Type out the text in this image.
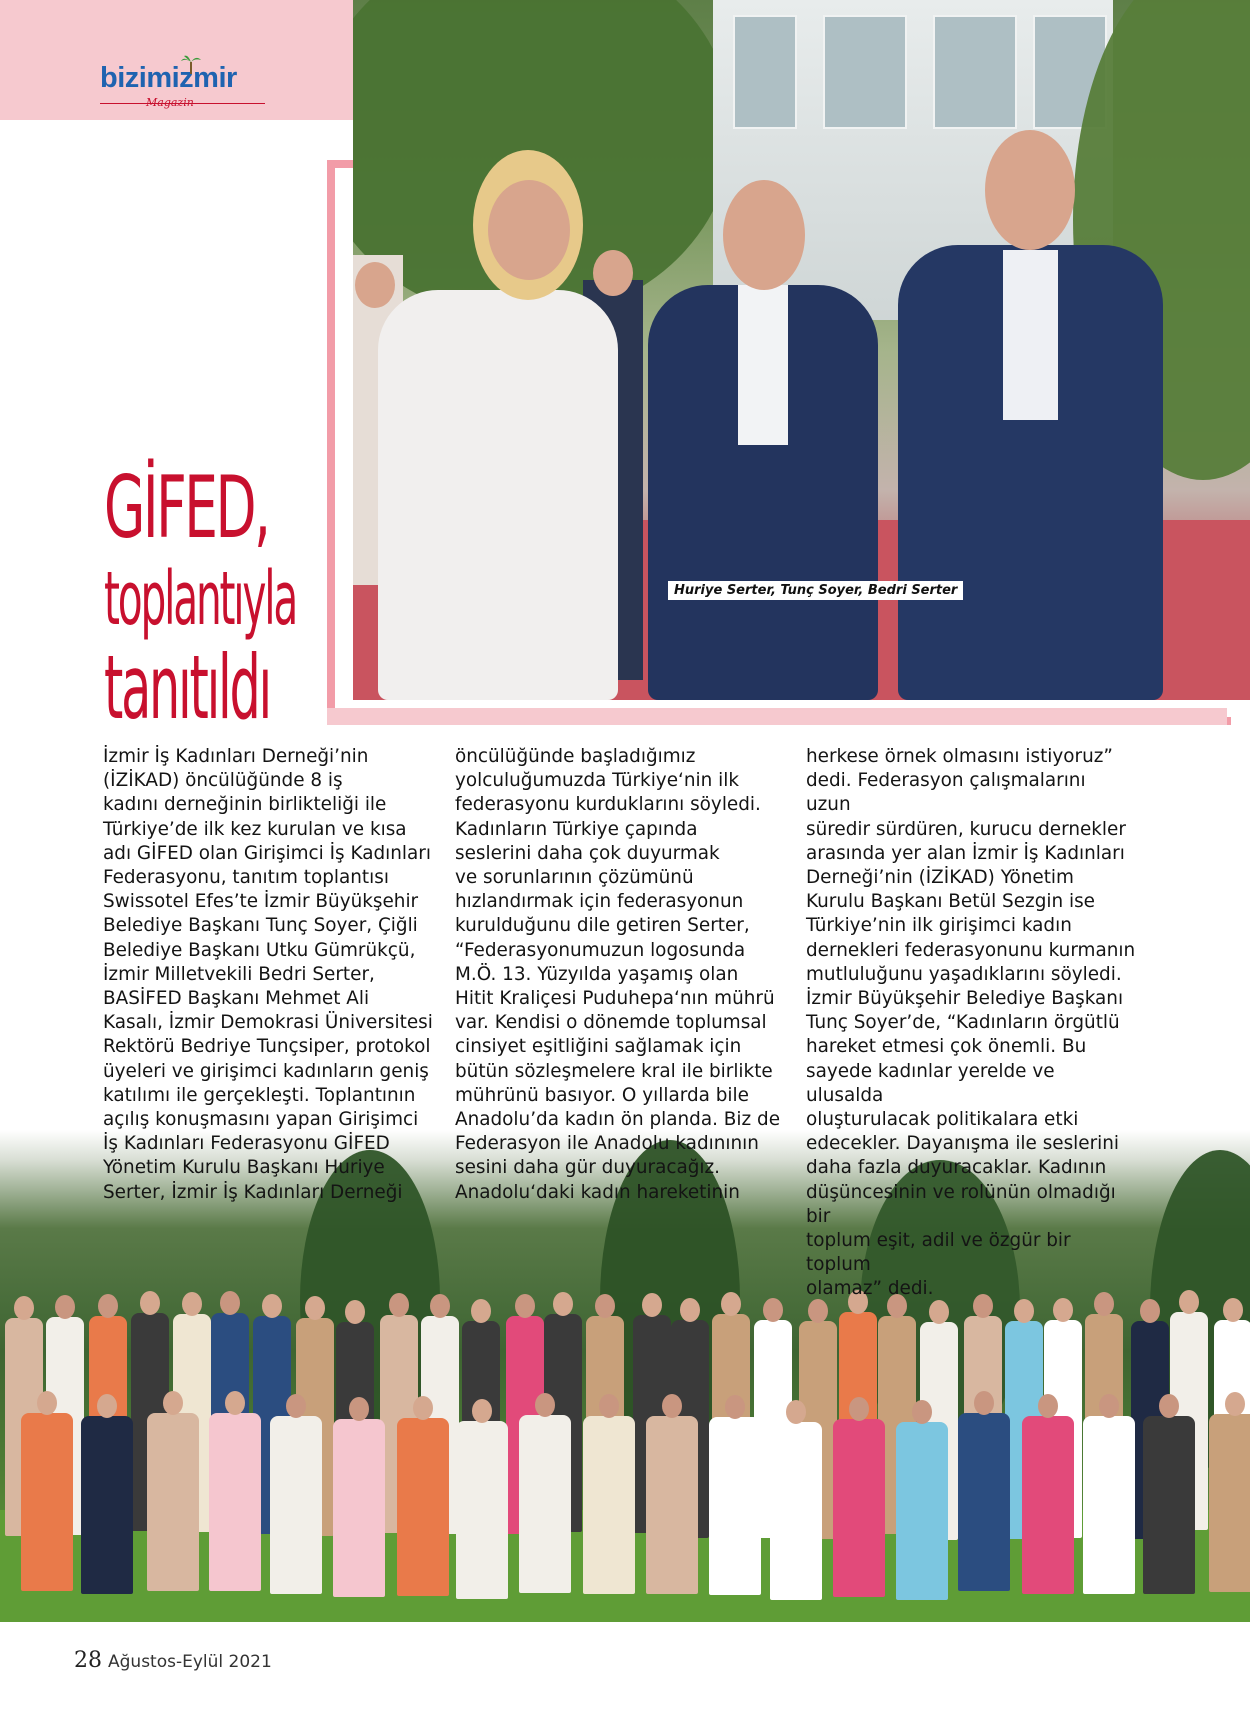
bizimizmir
Magazin
Huriye Serter, Tunç Soyer, Bedri Serter
GİFED,
toplantıyla
tanıtıldı
İzmir İş Kadınları Derneği’nin
(İZİKAD) öncülüğünde 8 iş
kadını derneğinin birlikteliği ile
Türkiye’de ilk kez kurulan ve kısa
adı GİFED olan Girişimci İş Kadınları
Federasyonu, tanıtım toplantısı
Swissotel Efes’te İzmir Büyükşehir
Belediye Başkanı Tunç Soyer, Çiğli
Belediye Başkanı Utku Gümrükçü,
İzmir Milletvekili Bedri Serter,
BASİFED Başkanı Mehmet Ali
Kasalı, İzmir Demokrasi Üniversitesi
Rektörü Bedriye Tunçsiper, protokol
üyeleri ve girişimci kadınların geniş
katılımı ile gerçekleşti. Toplantının
açılış konuşmasını yapan Girişimci
İş Kadınları Federasyonu GİFED
Yönetim Kurulu Başkanı Huriye
Serter, İzmir İş Kadınları Derneği
öncülüğünde başladığımız
yolculuğumuzda Türkiye‘nin ilk
federasyonu kurduklarını söyledi.
Kadınların Türkiye çapında
seslerini daha çok duyurmak
ve sorunlarının çözümünü
hızlandırmak için federasyonun
kurulduğunu dile getiren Serter,
“Federasyonumuzun logosunda
M.Ö. 13. Yüzyılda yaşamış olan
Hitit Kraliçesi Puduhepa‘nın mührü
var. Kendisi o dönemde toplumsal
cinsiyet eşitliğini sağlamak için
bütün sözleşmelere kral ile birlikte
mührünü basıyor. O yıllarda bile
Anadolu’da kadın ön planda. Biz de
Federasyon ile Anadolu kadınının
sesini daha gür duyuracağız.
Anadolu‘daki kadın hareketinin
herkese örnek olmasını istiyoruz”
dedi. Federasyon çalışmalarını uzun
süredir sürdüren, kurucu dernekler
arasında yer alan İzmir İş Kadınları
Derneği’nin (İZİKAD) Yönetim
Kurulu Başkanı Betül Sezgin ise
Türkiye’nin ilk girişimci kadın
dernekleri federasyonunu kurmanın
mutluluğunu yaşadıklarını söyledi.
İzmir Büyükşehir Belediye Başkanı
Tunç Soyer’de, “Kadınların örgütlü
hareket etmesi çok önemli. Bu
sayede kadınlar yerelde ve ulusalda
oluşturulacak politikalara etki
edecekler. Dayanışma ile seslerini
daha fazla duyuracaklar. Kadının
düşüncesinin ve rolünün olmadığı bir
toplum eşit, adil ve özgür bir toplum
olamaz” dedi.
28 Ağustos-Eylül 2021
